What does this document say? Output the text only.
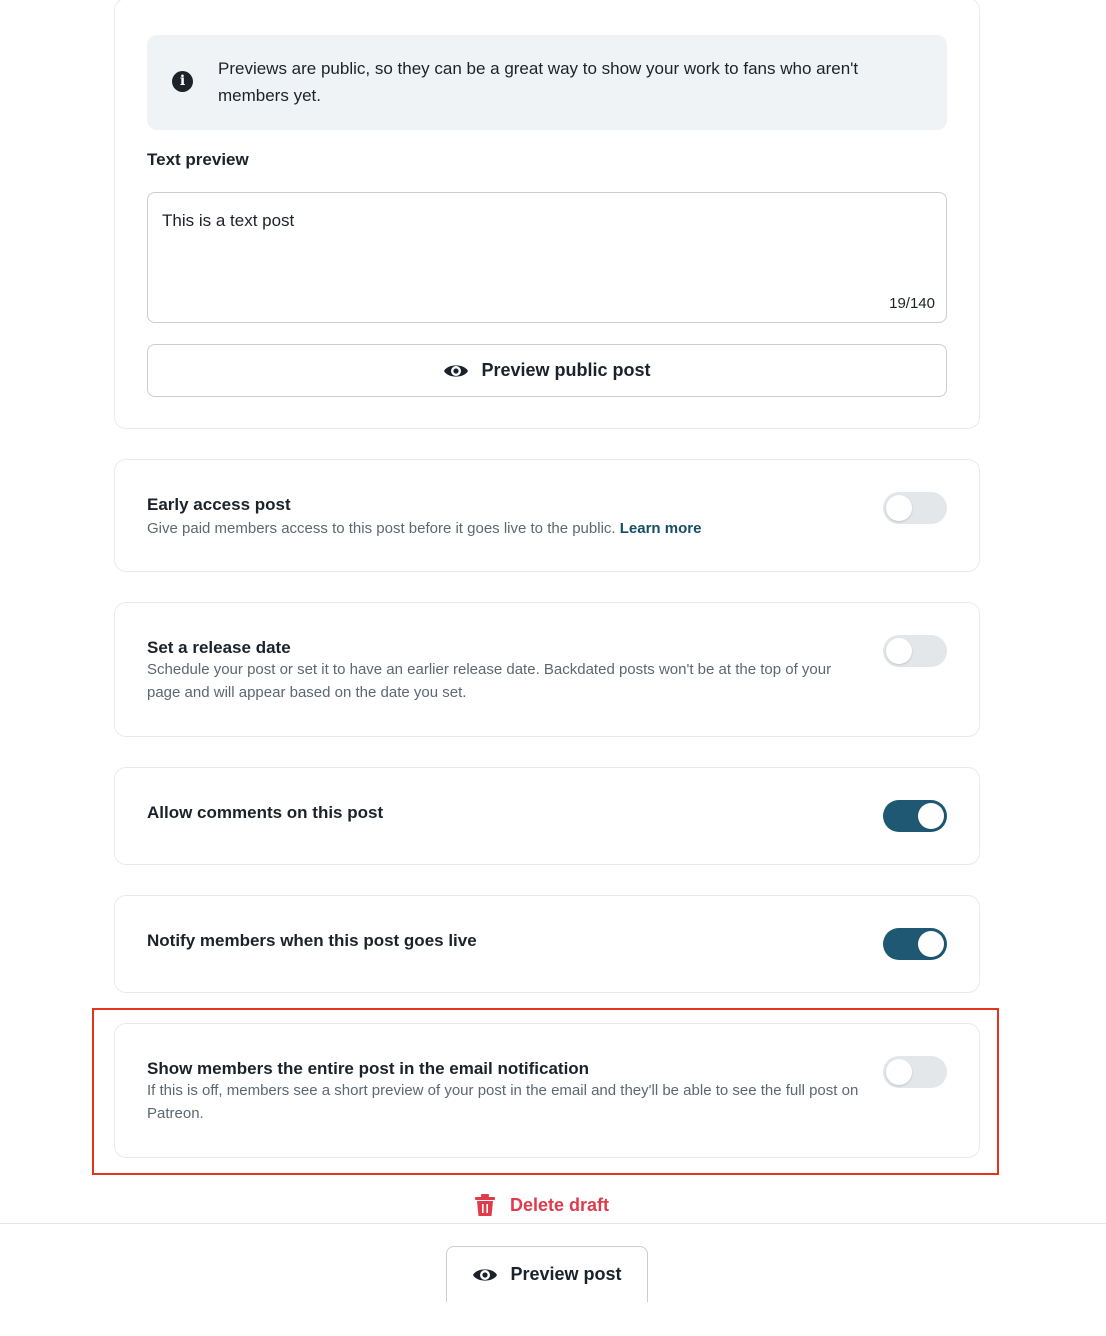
i
Previews are public, so they can be a great way to show your work to fans who aren't members yet.
Text preview
This is a text post
19/140
Preview public post
Early access post
Give paid members access to this post before it goes live to the public. Learn more
Set a release date
Schedule your post or set it to have an earlier release date. Backdated posts won't be at the top of your page and will appear based on the date you set.
Allow comments on this post
Notify members when this post goes live
Show members the entire post in the email notification
If this is off, members see a short preview of your post in the email and they'll be able to see the full post on Patreon.
Delete draft
Preview post
